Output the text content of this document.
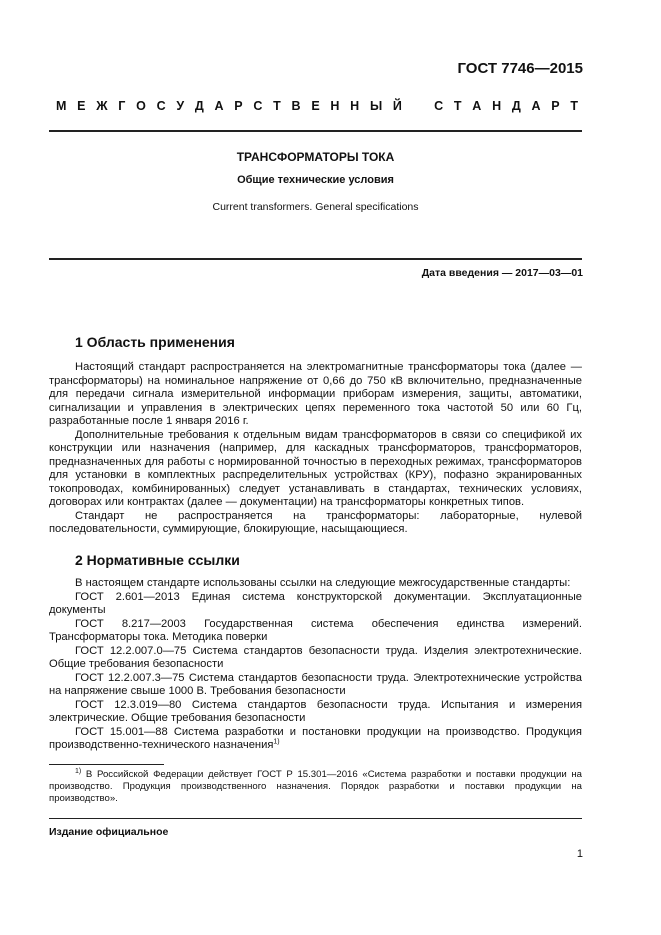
ГОСТ 7746—2015
М Е Ж Г О С У Д А Р С Т В Е Н Н Ы Й   С Т А Н Д А Р Т
ТРАНСФОРМАТОРЫ ТОКА
Общие технические условия
Current transformers. General specifications
Дата введения — 2017—03—01
1 Область применения

Настоящий стандарт распространяется на электромагнитные трансформаторы тока (далее — трансформаторы) на номинальное напряжение от 0,66 до 750 кВ включительно, предназначенные для передачи сигнала измерительной информации приборам измерения, защиты, автоматики, сигнализации и управления в электрических цепях переменного тока частотой 50 или 60 Гц, разработанные после 1 января 2016 г.

Дополнительные требования к отдельным видам трансформаторов в связи со спецификой их конструкции или назначения (например, для каскадных трансформаторов, трансформаторов, предназначенных для работы с нормированной точностью в переходных режимах, трансформаторов для установки в комплектных распределительных устройствах (КРУ), пофазно экранированных токопроводах, комбинированных) следует устанавливать в стандартах, технических условиях, договорах или контрактах (далее — документации) на трансформаторы конкретных типов.

Стандарт не распространяется на трансформаторы: лабораторные, нулевой последовательности, суммирующие, блокирующие, насыщающиеся.

2 Нормативные ссылки

В настоящем стандарте использованы ссылки на следующие межгосударственные стандарты:

ГОСТ 2.601—2013 Единая система конструкторской документации. Эксплуатационные документы

ГОСТ 8.217—2003 Государственная система обеспечения единства измерений. Трансформаторы тока. Методика поверки

ГОСТ 12.2.007.0—75 Система стандартов безопасности труда. Изделия электротехнические. Общие требования безопасности

ГОСТ 12.2.007.3—75 Система стандартов безопасности труда. Электротехнические устройства на напряжение свыше 1000 В. Требования безопасности

ГОСТ 12.3.019—80 Система стандартов безопасности труда. Испытания и измерения электрические. Общие требования безопасности

ГОСТ 15.001—88 Система разработки и постановки продукции на производство. Продукция производственно-технического назначения$^{1)}$

$^{1)}$ В Российской Федерации действует ГОСТ Р 15.301—2016 «Система разработки и поставки продукции на производство. Продукция производственного назначения. Порядок разработки и поставки продукции на производство».
Издание официальное
1
